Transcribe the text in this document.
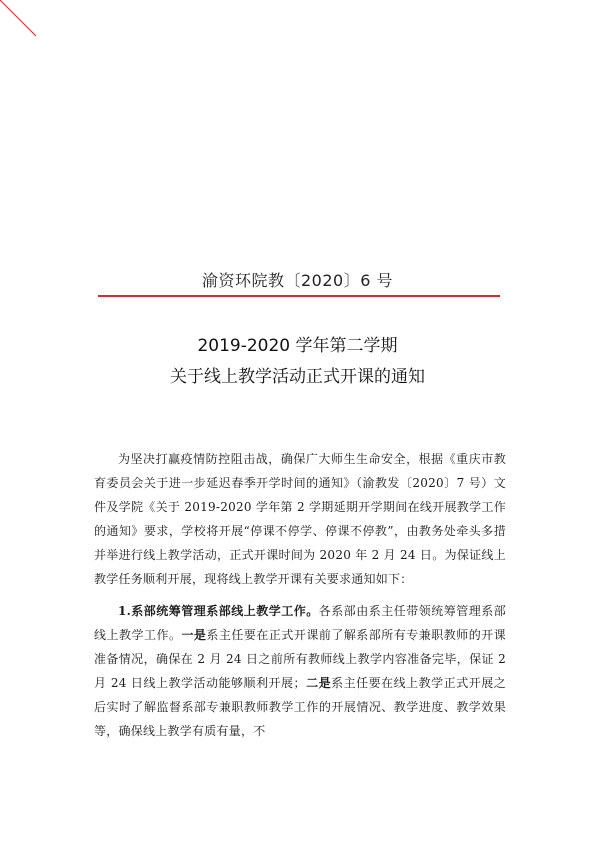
渝资环院教〔2020〕6 号
2019-2020 学年第二学期
关于线上教学活动正式开课的通知

为坚决打赢疫情防控阻击战，确保广大师生生命安全，根据《重庆市教育委员会关于进一步延迟春季开学时间的通知》（渝教发〔2020〕7 号）文件及学院《关于 2019-2020 学年第 2 学期延期开学期间在线开展教学工作的通知》要求，学校将开展“停课不停学、停课不停教”，由教务处牵头多措并举进行线上教学活动，正式开课时间为 2020 年 2 月 24 日。为保证线上教学任务顺利开展，现将线上教学开课有关要求通知如下：

1.系部统筹管理系部线上教学工作。各系部由系主任带领统筹管理系部线上教学工作。一是系主任要在正式开课前了解系部所有专兼职教师的开课准备情况，确保在 2 月 24 日之前所有教师线上教学内容准备完毕，保证 2 月 24 日线上教学活动能够顺利开展；二是系主任要在线上教学正式开展之后实时了解监督系部专兼职教师教学工作的开展情况、教学进度、教学效果等，确保线上教学有质有量，不
